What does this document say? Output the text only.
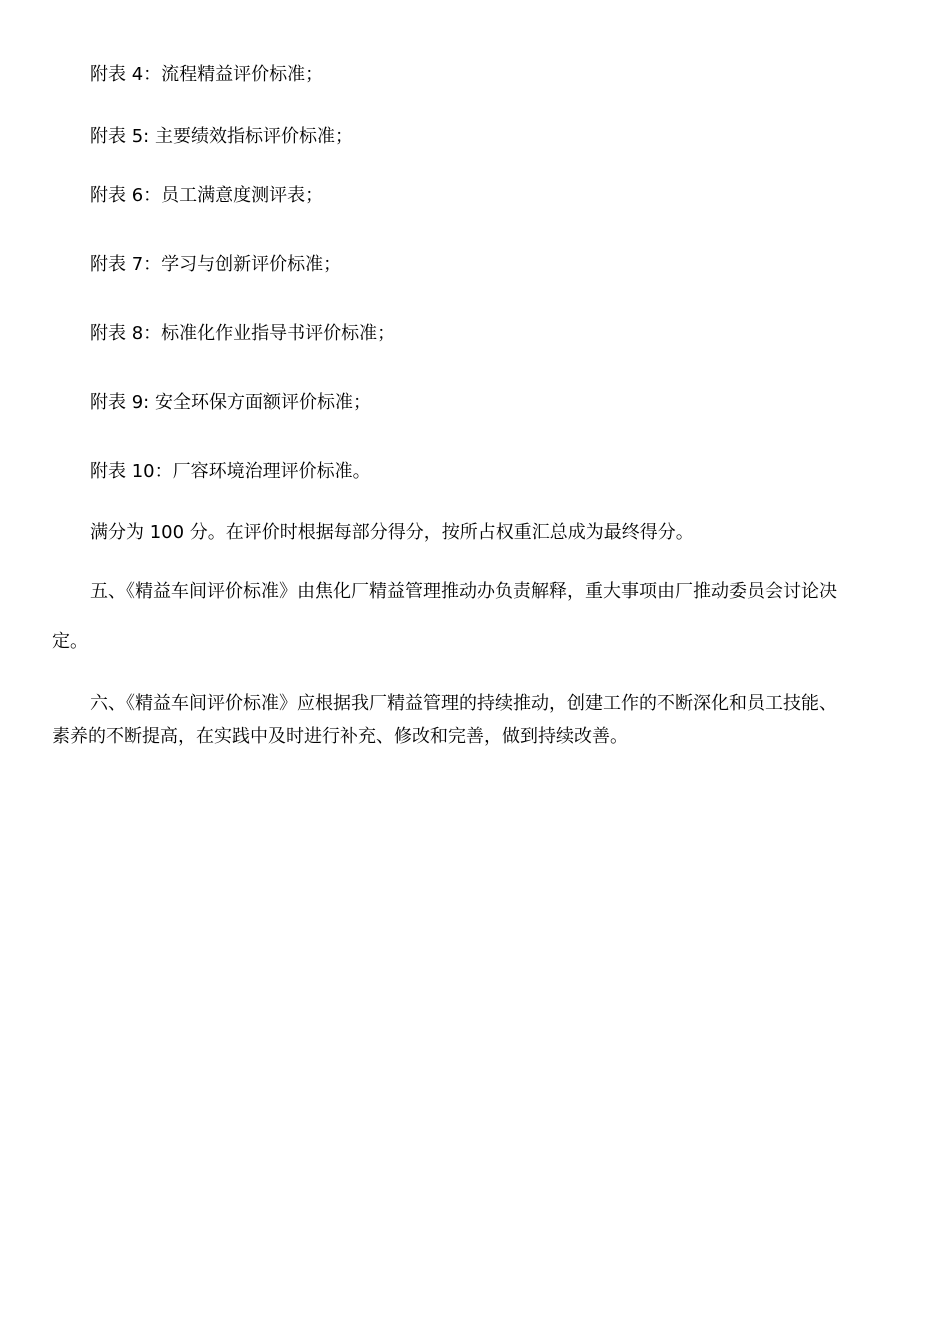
附表 4：流程精益评价标准；
附表 5: 主要绩效指标评价标准；
附表 6：员工满意度测评表；
附表 7：学习与创新评价标准；
附表 8：标准化作业指导书评价标准；
附表 9: 安全环保方面额评价标准；
附表 10：厂容环境治理评价标准。
满分为 100 分。在评价时根据每部分得分，按所占权重汇总成为最终得分。
五、《精益车间评价标准》由焦化厂精益管理推动办负责解释，重大事项由厂推动委员会讨论决
定。
六、《精益车间评价标准》应根据我厂精益管理的持续推动，创建工作的不断深化和员工技能、
素养的不断提高，在实践中及时进行补充、修改和完善，做到持续改善。
